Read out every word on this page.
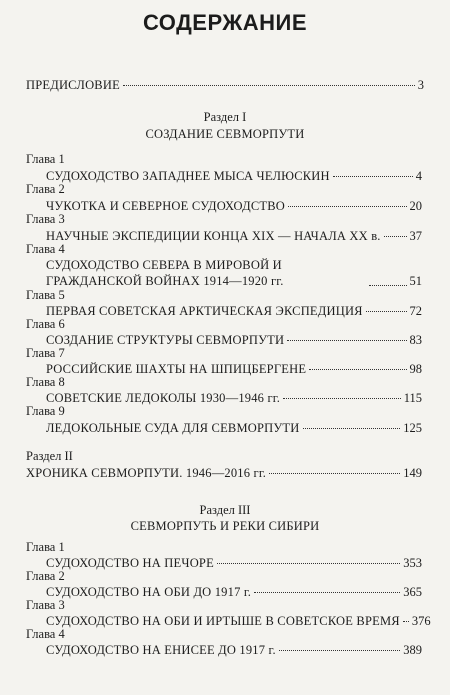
СОДЕРЖАНИЕ
ПРЕДИСЛОВИЕ	3
Раздел I
СОЗДАНИЕ СЕВМОРПУТИ
Глава 1
СУДОХОДСТВО ЗАПАДНЕЕ МЫСА ЧЕЛЮСКИН	4
Глава 2
ЧУКОТКА И СЕВЕРНОЕ СУДОХОДСТВО	20
Глава 3
НАУЧНЫЕ ЭКСПЕДИЦИИ КОНЦА XIX — НАЧАЛА XX в. 37
Глава 4
СУДОХОДСТВО СЕВЕРА В МИРОВОЙ И ГРАЖДАНСКОЙ ВОЙНАХ 1914—1920 гг.	51
Глава 5
ПЕРВАЯ СОВЕТСКАЯ АРКТИЧЕСКАЯ ЭКСПЕДИЦИЯ	72
Глава 6
СОЗДАНИЕ СТРУКТУРЫ СЕВМОРПУТИ	83
Глава 7
РОССИЙСКИЕ ШАХТЫ НА ШПИЦБЕРГЕНЕ	98
Глава 8
СОВЕТСКИЕ ЛЕДОКОЛЫ 1930—1946 гг.	115
Глава 9
ЛЕДОКОЛЬНЫЕ СУДА ДЛЯ СЕВМОРПУТИ	125
Раздел II
ХРОНИКА СЕВМОРПУТИ. 1946—2016 гг.	149
Раздел III
СЕВМОРПУТЬ И РЕКИ СИБИРИ
Глава 1
СУДОХОДСТВО НА ПЕЧОРЕ	353
Глава 2
СУДОХОДСТВО НА ОБИ ДО 1917 г.	365
Глава 3
СУДОХОДСТВО НА ОБИ И ИРТЫШЕ В СОВЕТСКОЕ ВРЕМЯ 376
Глава 4
СУДОХОДСТВО НА ЕНИСЕЕ ДО 1917 г.	389
